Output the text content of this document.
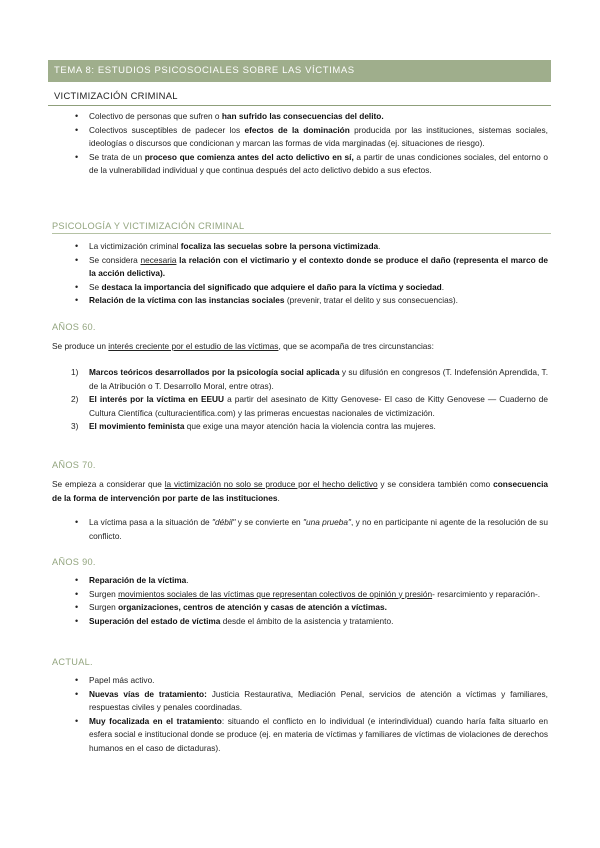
TEMA 8: ESTUDIOS PSICOSOCIALES SOBRE LAS VÍCTIMAS
VICTIMIZACIÓN CRIMINAL
• Colectivo de personas que sufren o han sufrido las consecuencias del delito.
• Colectivos susceptibles de padecer los efectos de la dominación producida por las instituciones, sistemas sociales, ideologías o discursos que condicionan y marcan las formas de vida marginadas (ej. situaciones de riesgo).
• Se trata de un proceso que comienza antes del acto delictivo en sí, a partir de unas condiciones sociales, del entorno o de la vulnerabilidad individual y que continua después del acto delictivo debido a sus efectos.
PSICOLOGÍA Y VICTIMIZACIÓN CRIMINAL
• La victimización criminal focaliza las secuelas sobre la persona victimizada.
• Se considera necesaria la relación con el victimario y el contexto donde se produce el daño (representa el marco de la acción delictiva).
• Se destaca la importancia del significado que adquiere el daño para la víctima y sociedad.
• Relación de la víctima con las instancias sociales (prevenir, tratar el delito y sus consecuencias).
AÑOS 60.
Se produce un interés creciente por el estudio de las víctimas, que se acompaña de tres circunstancias:
1) Marcos teóricos desarrollados por la psicología social aplicada y su difusión en congresos (T. Indefensión Aprendida, T. de la Atribución o T. Desarrollo Moral, entre otras).
2) El interés por la víctima en EEUU a partir del asesinato de Kitty Genovese- El caso de Kitty Genovese — Cuaderno de Cultura Científica (culturacientifica.com) y las primeras encuestas nacionales de victimización.
3) El movimiento feminista que exige una mayor atención hacia la violencia contra las mujeres.
AÑOS 70.
Se empieza a considerar que la victimización no solo se produce por el hecho delictivo y se considera también como consecuencia de la forma de intervención por parte de las instituciones.
• La víctima pasa a la situación de "débil" y se convierte en "una prueba", y no en participante ni agente de la resolución de su conflicto.
AÑOS 90.
• Reparación de la víctima.
• Surgen movimientos sociales de las víctimas que representan colectivos de opinión y presión- resarcimiento y reparación-.
• Surgen organizaciones, centros de atención y casas de atención a víctimas.
• Superación del estado de víctima desde el ámbito de la asistencia y tratamiento.
ACTUAL.
• Papel más activo.
• Nuevas vías de tratamiento: Justicia Restaurativa, Mediación Penal, servicios de atención a víctimas y familiares, respuestas civiles y penales coordinadas.
• Muy focalizada en el tratamiento: situando el conflicto en lo individual (e interindividual) cuando haría falta situarlo en esfera social e institucional donde se produce (ej. en materia de víctimas y familiares de víctimas de violaciones de derechos humanos en el caso de dictaduras).
